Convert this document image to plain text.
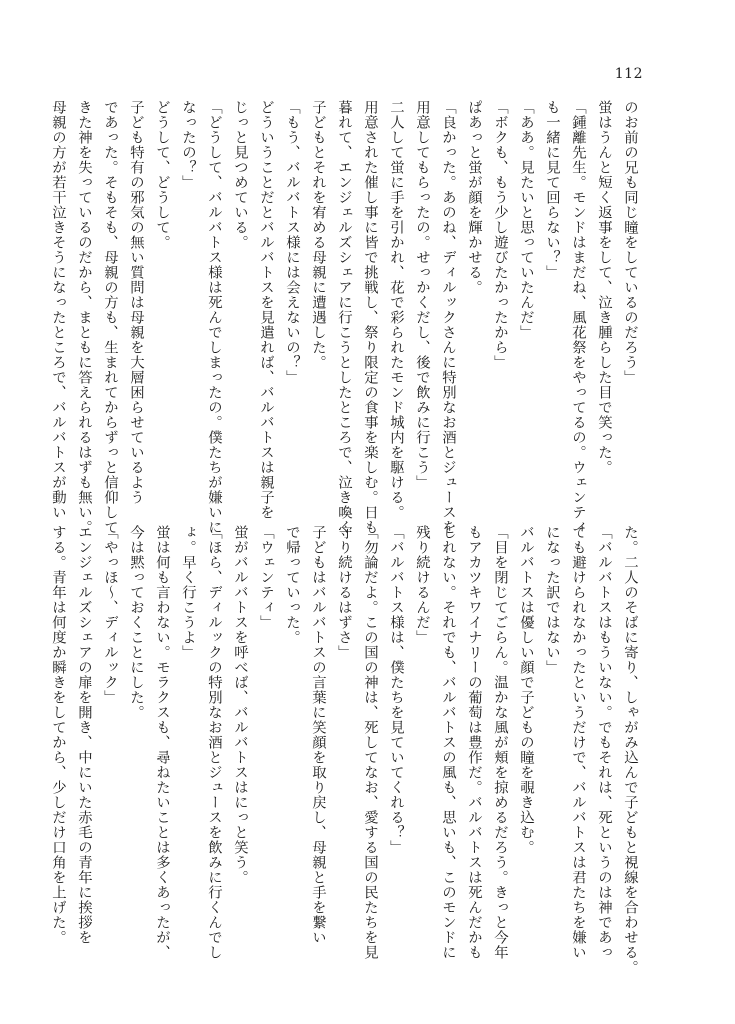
112
のお前の兄も同じ瞳をしているのだろう」
蛍はうんと短く返事をして、泣き腫らした目で笑った。
「鍾離先生。モンドはまだね、風花祭をやってるの。ウェンティ
も一緒に見て回らない？」
「ああ。見たいと思っていたんだ」
「ボクも、もう少し遊びたかったから」
ぱあっと蛍が顔を輝かせる。
「良かった。あのね、ディルックさんに特別なお酒とジュースを
用意してもらったの。せっかくだし、後で飲みに行こう」
二人して蛍に手を引かれ、花で彩られたモンド城内を駆ける。
用意された催し事に皆で挑戦し、祭り限定の食事を楽しむ。日も
暮れて、エンジェルズシェアに行こうとしたところで、泣き喚く
子どもとそれを宥める母親に遭遇した。
「もう、バルバトス様には会えないの？」
どういうことだとバルバトスを見遣れば、バルバトスは親子を
じっと見つめている。
「どうして、バルバトス様は死んでしまったの。僕たちが嫌いに
なったの？」
どうして、どうして。
子ども特有の邪気の無い質問は母親を大層困らせているよう
であった。そもそも、母親の方も、生まれてからずっと信仰して
きた神を失っているのだから、まともに答えられるはずも無い。
母親の方が若干泣きそうになったところで、バルバトスが動い
た。二人のそばに寄り、しゃがみ込んで子どもと視線を合わせる。
「バルバトスはもういない。でもそれは、死というのは神であっ
ても避けられなかったというだけで、バルバトスは君たちを嫌い
になった訳ではない」
バルバトスは優しい顔で子どもの瞳を覗き込む。
「目を閉じてごらん。温かな風が頬を掠めるだろう。きっと今年
もアカツキワイナリーの葡萄は豊作だ。バルバトスは死んだかも
しれない。それでも、バルバトスの風も、思いも、このモンドに
残り続けるんだ」
「バルバトス様は、僕たちを見ていてくれる？」
「勿論だよ。この国の神は、死してなお、愛する国の民たちを見
守り続けるはずさ」
子どもはバルバトスの言葉に笑顔を取り戻し、母親と手を繋い
で帰っていった。
「ウェンティ」
蛍がバルバトスを呼べば、バルバトスはにっと笑う。
「ほら、ディルックの特別なお酒とジュースを飲みに行くんでし
ょ。早く行こうよ」
蛍は何も言わない。モラクスも、尋ねたいことは多くあったが、
今は黙っておくことにした。
「やっほ～、ディルック」
エンジェルズシェアの扉を開き、中にいた赤毛の青年に挨拶を
する。青年は何度か瞬きをしてから、少しだけ口角を上げた。
